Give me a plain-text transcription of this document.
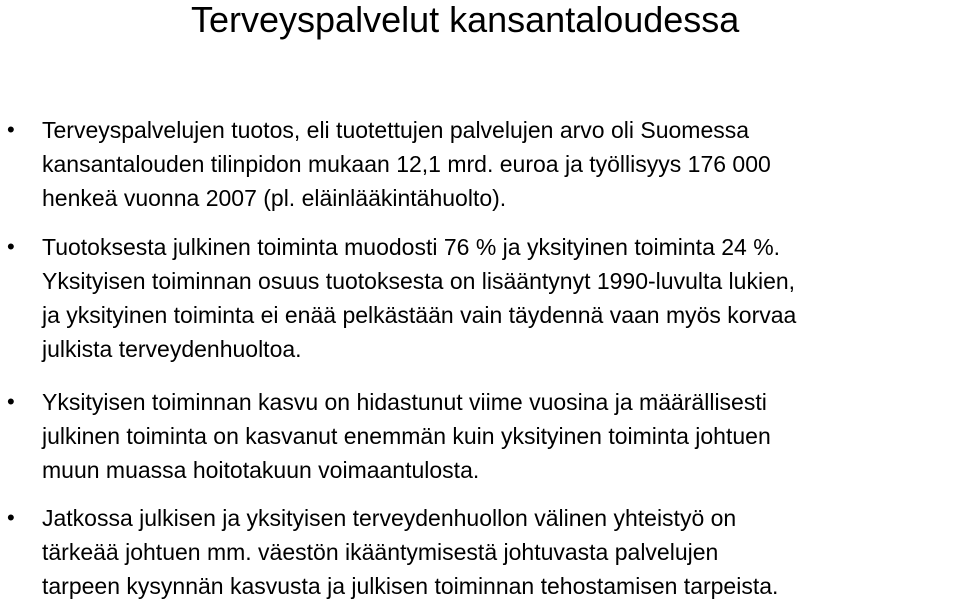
Terveyspalvelut kansantaloudessa
• Terveyspalvelujen tuotos, eli tuotettujen palvelujen arvo oli Suomessa
kansantalouden tilinpidon mukaan 12,1 mrd. euroa ja työllisyys 176 000
henkeä vuonna 2007 (pl. eläinlääkintähuolto).
• Tuotoksesta julkinen toiminta muodosti 76 % ja yksityinen toiminta 24 %.
Yksityisen toiminnan osuus tuotoksesta on lisääntynyt 1990-luvulta lukien,
ja yksityinen toiminta ei enää pelkästään vain täydennä vaan myös korvaa
julkista terveydenhuoltoa.
• Yksityisen toiminnan kasvu on hidastunut viime vuosina ja määrällisesti
julkinen toiminta on kasvanut enemmän kuin yksityinen toiminta johtuen
muun muassa hoitotakuun voimaantulosta.
• Jatkossa julkisen ja yksityisen terveydenhuollon välinen yhteistyö on
tärkeää johtuen mm. väestön ikääntymisestä johtuvasta palvelujen
tarpeen kysynnän kasvusta ja julkisen toiminnan tehostamisen tarpeista.
